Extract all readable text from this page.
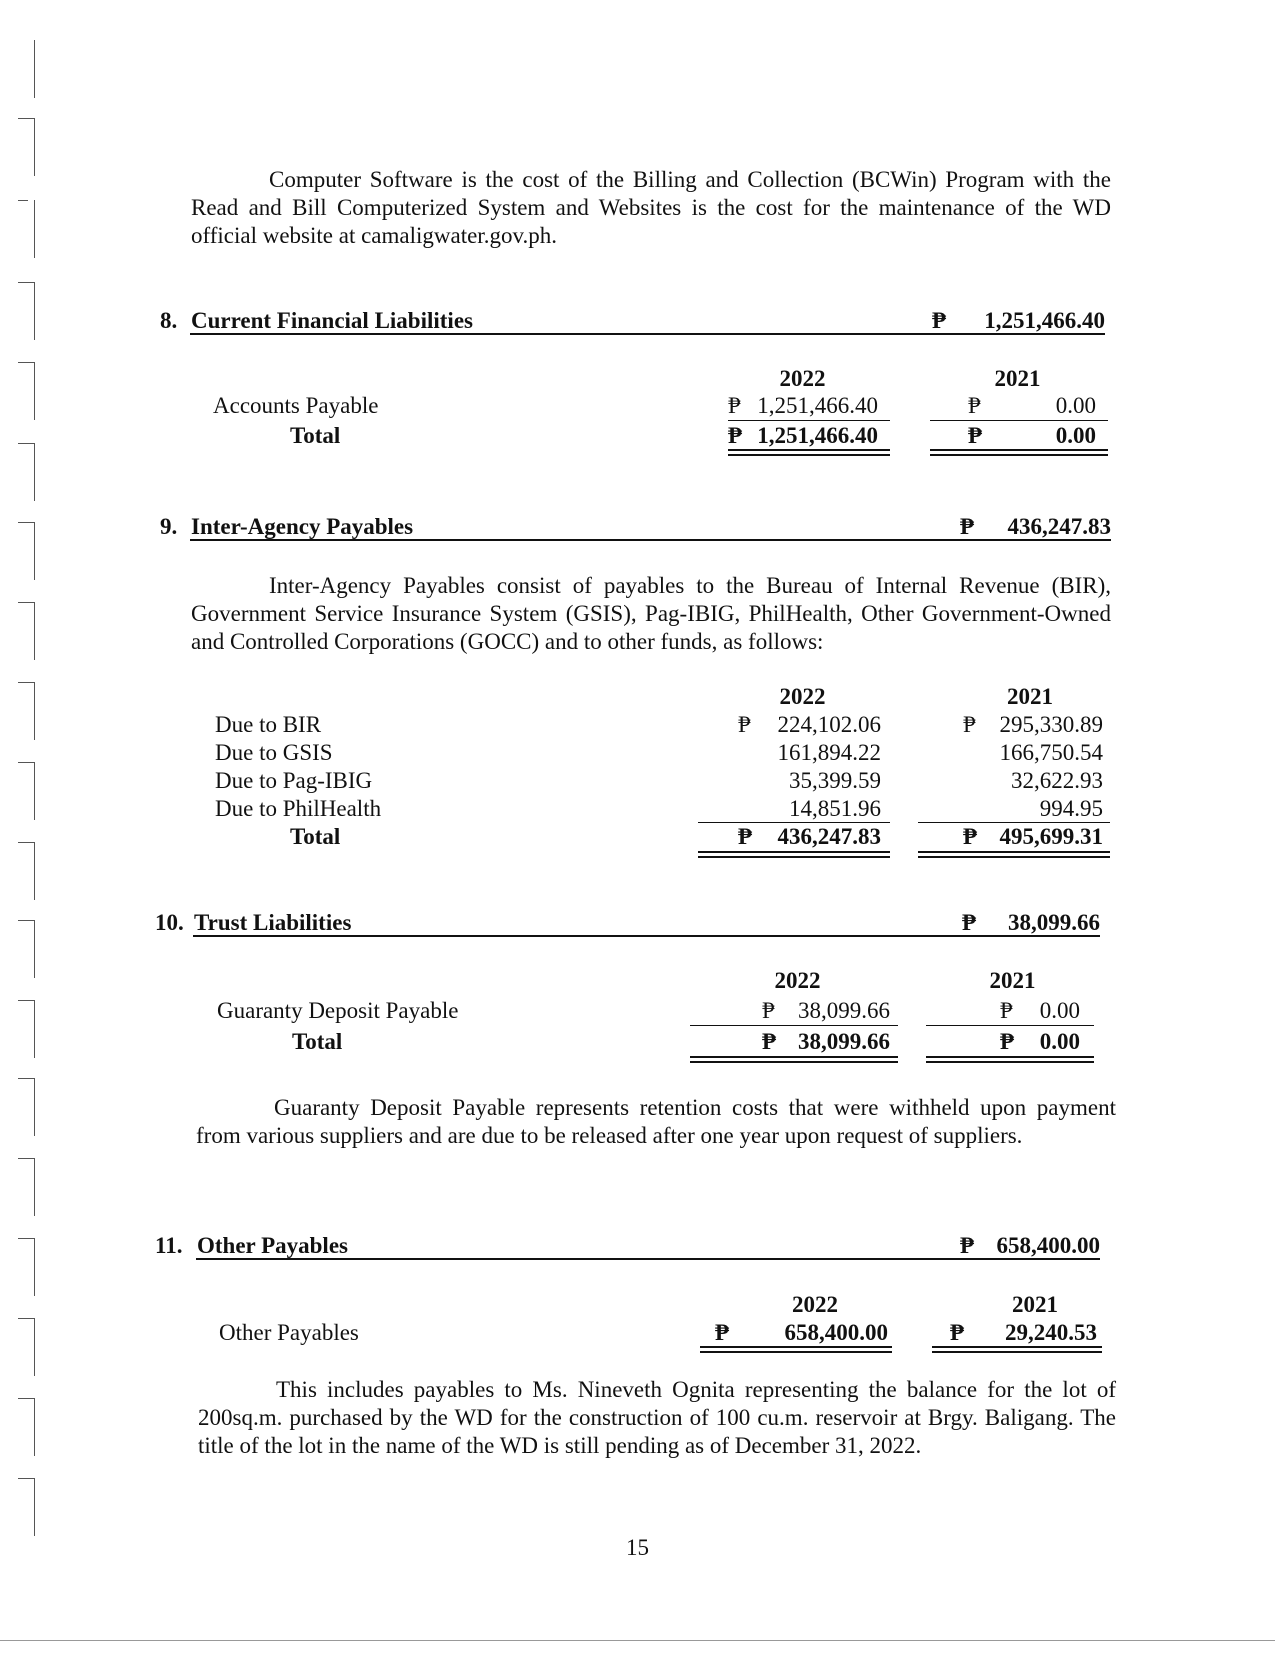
Computer Software is the cost of the Billing and Collection (BCWin) Program with the Read and Bill Computerized System and Websites is the cost for the maintenance of the WD official website at camaligwater.gov.ph.
8. Current Financial Liabilities	₱	1,251,466.40
2022	2021
Accounts Payable	₱ 1,251,466.40	₱	0.00
Total	₱ 1,251,466.40	₱	0.00
9. Inter-Agency Payables	₱	436,247.83
Inter-Agency Payables consist of payables to the Bureau of Internal Revenue (BIR), Government Service Insurance System (GSIS), Pag-IBIG, PhilHealth, Other Government-Owned and Controlled Corporations (GOCC) and to other funds, as follows:
2022	2021
Due to BIR	₱	224,102.06	₱	295,330.89
Due to GSIS	161,894.22	166,750.54
Due to Pag-IBIG	35,399.59	32,622.93
Due to PhilHealth	14,851.96	994.95
Total	₱	436,247.83	₱ 495,699.31
10. Trust Liabilities	₱	38,099.66
2022	2021
Guaranty Deposit Payable	₱	38,099.66	₱	0.00
Total	₱ 38,099.66	₱	0.00
Guaranty Deposit Payable represents retention costs that were withheld upon payment from various suppliers and are due to be released after one year upon request of suppliers.
11. Other Payables	₱ 658,400.00
2022	2021
Other Payables	₱	658,400.00	₱	29,240.53
This includes payables to Ms. Nineveth Ognita representing the balance for the lot of 200sq.m. purchased by the WD for the construction of 100 cu.m. reservoir at Brgy. Baligang. The title of the lot in the name of the WD is still pending as of December 31, 2022.
15
